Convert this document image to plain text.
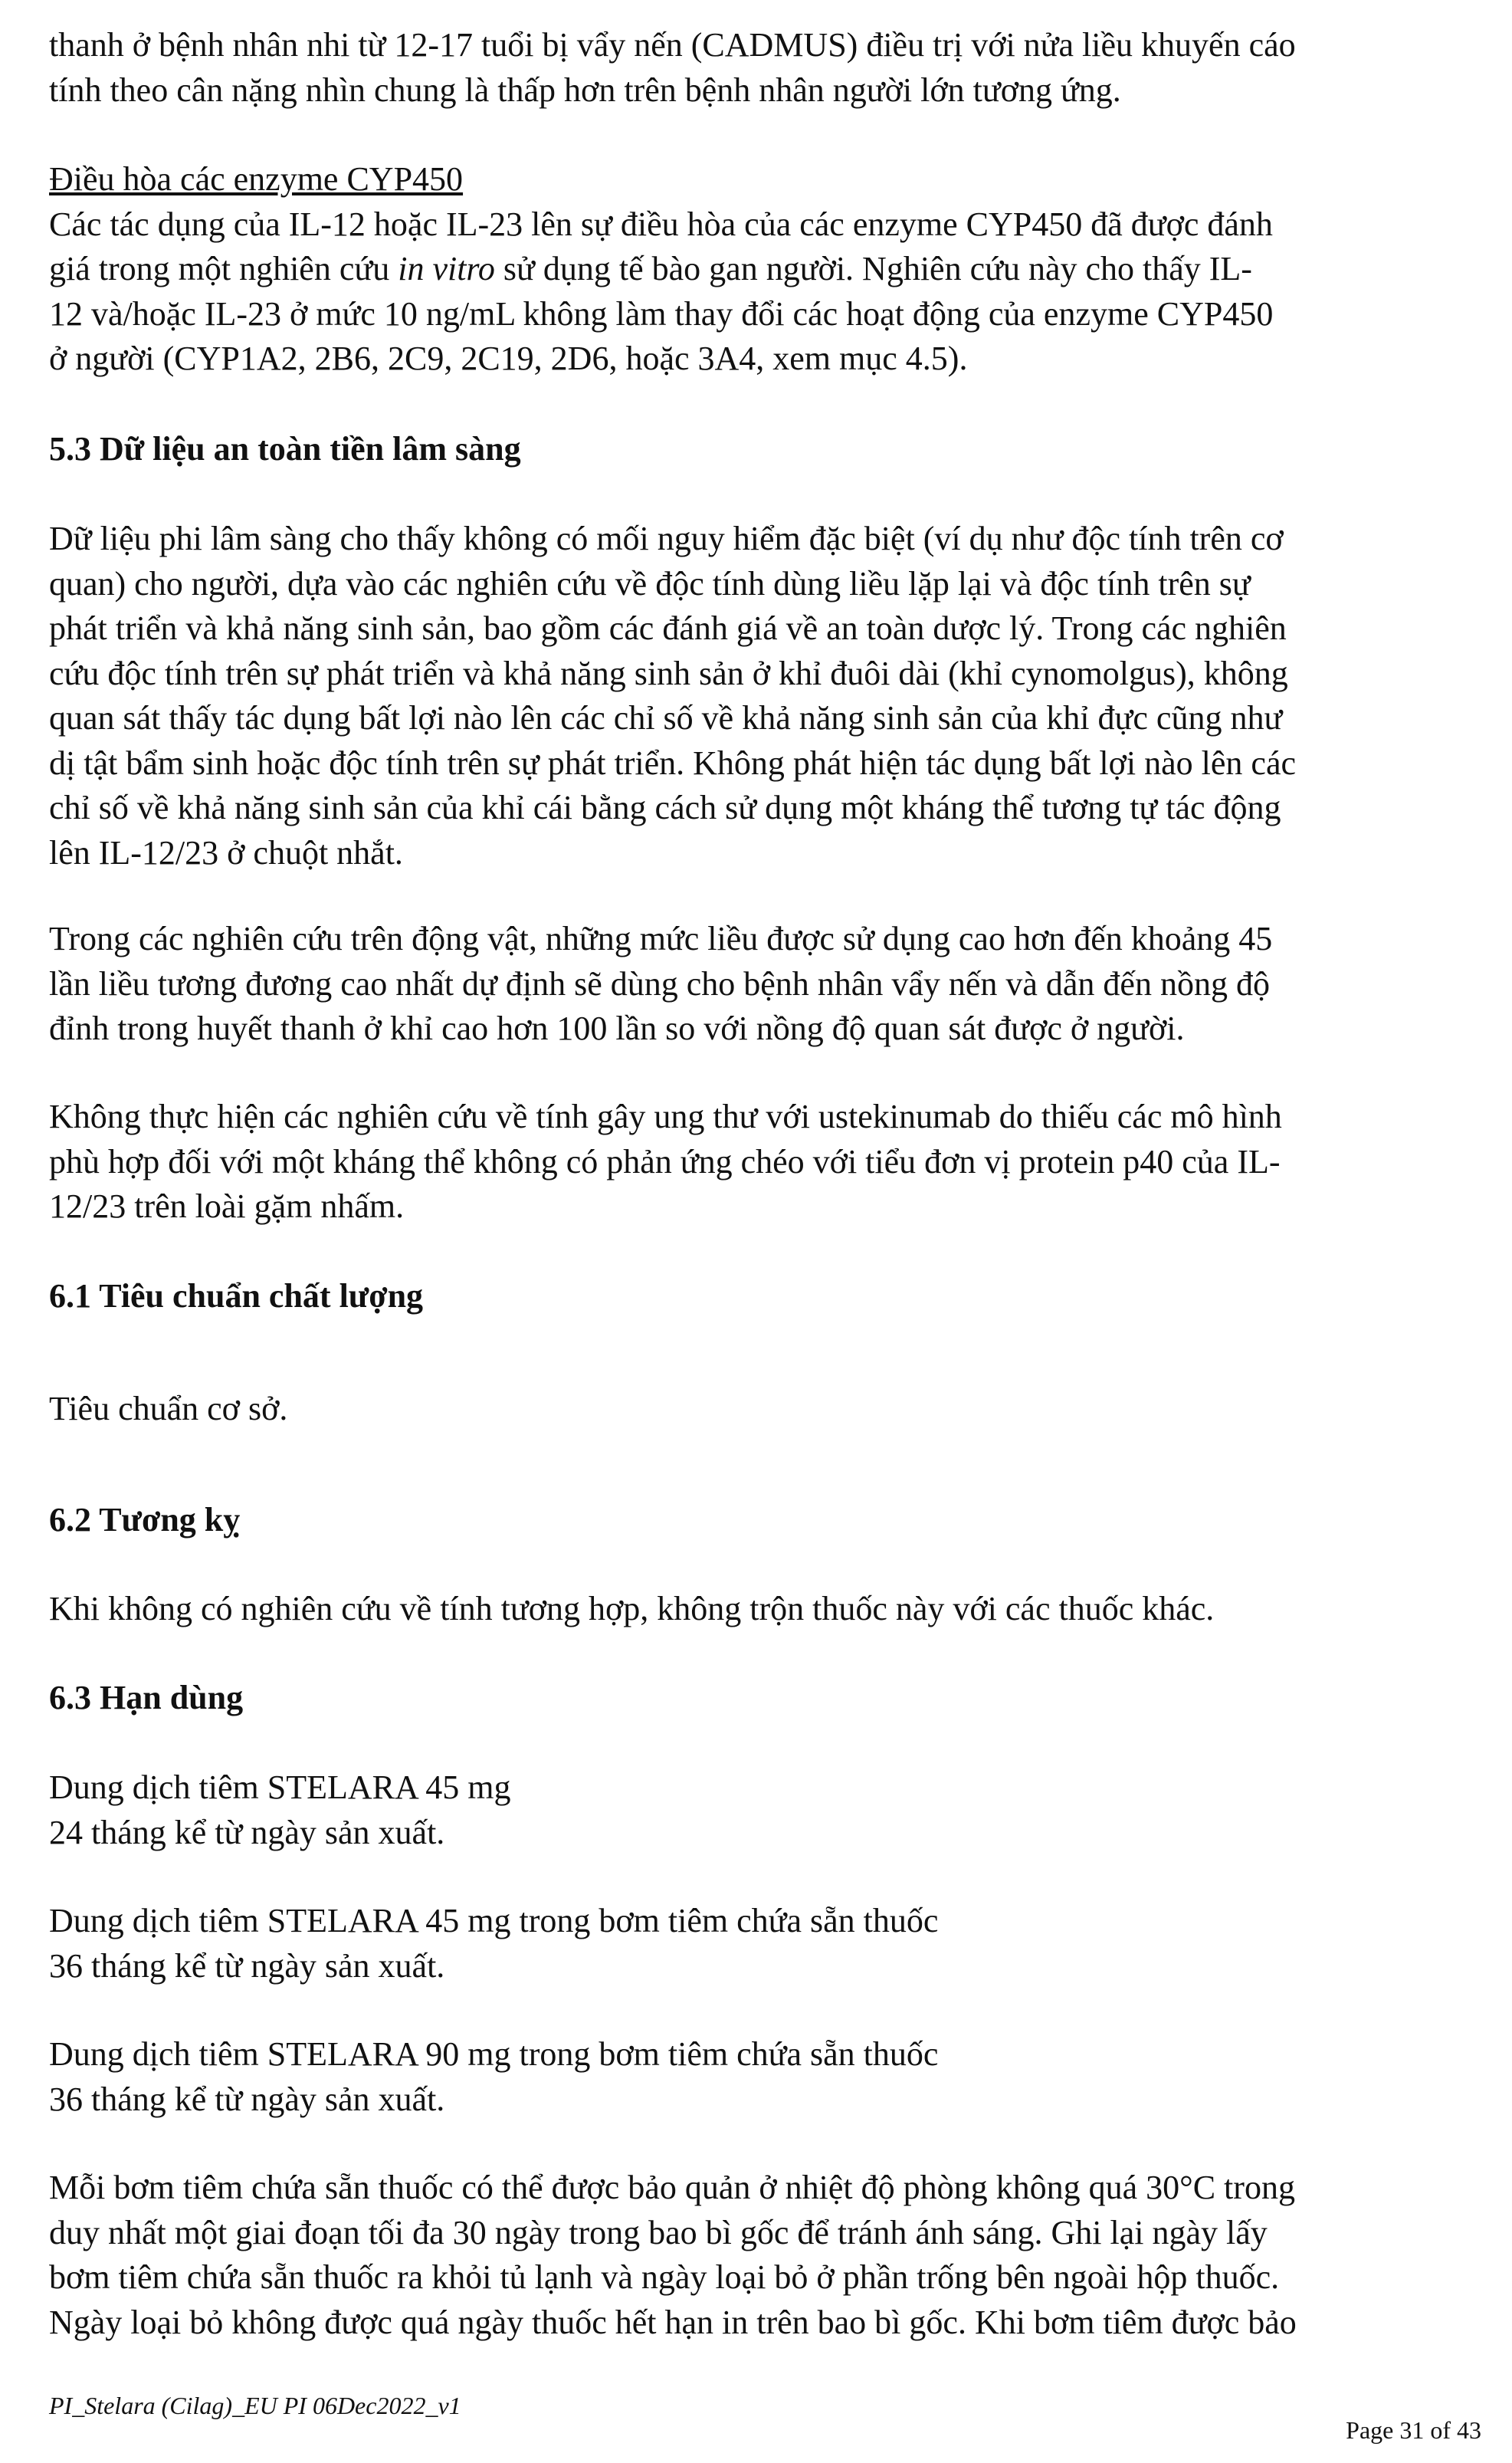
thanh ở bệnh nhân nhi từ 12-17 tuổi bị vẩy nến (CADMUS) điều trị với nửa liều khuyến cáo
tính theo cân nặng nhìn chung là thấp hơn trên bệnh nhân người lớn tương ứng.

Điều hòa các enzyme CYP450
Các tác dụng của IL-12 hoặc IL-23 lên sự điều hòa của các enzyme CYP450 đã được đánh
giá trong một nghiên cứu in vitro sử dụng tế bào gan người. Nghiên cứu này cho thấy IL-
12 và/hoặc IL-23 ở mức 10 ng/mL không làm thay đổi các hoạt động của enzyme CYP450
ở người (CYP1A2, 2B6, 2C9, 2C19, 2D6, hoặc 3A4, xem mục 4.5).

5.3 Dữ liệu an toàn tiền lâm sàng

Dữ liệu phi lâm sàng cho thấy không có mối nguy hiểm đặc biệt (ví dụ như độc tính trên cơ
quan) cho người, dựa vào các nghiên cứu về độc tính dùng liều lặp lại và độc tính trên sự
phát triển và khả năng sinh sản, bao gồm các đánh giá về an toàn dược lý. Trong các nghiên
cứu độc tính trên sự phát triển và khả năng sinh sản ở khỉ đuôi dài (khỉ cynomolgus), không
quan sát thấy tác dụng bất lợi nào lên các chỉ số về khả năng sinh sản của khỉ đực cũng như
dị tật bẩm sinh hoặc độc tính trên sự phát triển. Không phát hiện tác dụng bất lợi nào lên các
chỉ số về khả năng sinh sản của khỉ cái bằng cách sử dụng một kháng thể tương tự tác động
lên IL-12/23 ở chuột nhắt.

Trong các nghiên cứu trên động vật, những mức liều được sử dụng cao hơn đến khoảng 45
lần liều tương đương cao nhất dự định sẽ dùng cho bệnh nhân vẩy nến và dẫn đến nồng độ
đỉnh trong huyết thanh ở khỉ cao hơn 100 lần so với nồng độ quan sát được ở người.

Không thực hiện các nghiên cứu về tính gây ung thư với ustekinumab do thiếu các mô hình
phù hợp đối với một kháng thể không có phản ứng chéo với tiểu đơn vị protein p40 của IL-
12/23 trên loài gặm nhấm.

6.1 Tiêu chuẩn chất lượng

Tiêu chuẩn cơ sở.

6.2 Tương kỵ

Khi không có nghiên cứu về tính tương hợp, không trộn thuốc này với các thuốc khác.

6.3 Hạn dùng

Dung dịch tiêm STELARA 45 mg
24 tháng kể từ ngày sản xuất.

Dung dịch tiêm STELARA 45 mg trong bơm tiêm chứa sẵn thuốc
36 tháng kể từ ngày sản xuất.

Dung dịch tiêm STELARA 90 mg trong bơm tiêm chứa sẵn thuốc
36 tháng kể từ ngày sản xuất.

Mỗi bơm tiêm chứa sẵn thuốc có thể được bảo quản ở nhiệt độ phòng không quá 30°C trong
duy nhất một giai đoạn tối đa 30 ngày trong bao bì gốc để tránh ánh sáng. Ghi lại ngày lấy
bơm tiêm chứa sẵn thuốc ra khỏi tủ lạnh và ngày loại bỏ ở phần trống bên ngoài hộp thuốc.
Ngày loại bỏ không được quá ngày thuốc hết hạn in trên bao bì gốc. Khi bơm tiêm được bảo

PI_Stelara (Cilag)_EU PI 06Dec2022_v1
Page 31 of 43
